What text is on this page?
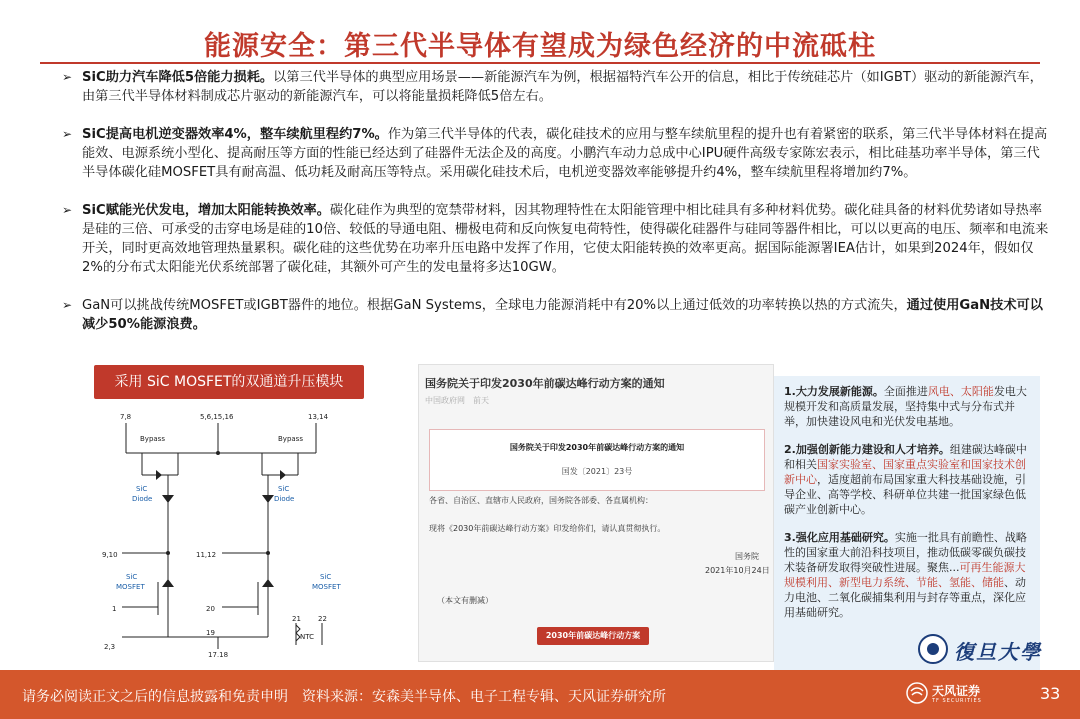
能源安全：第三代半导体有望成为绿色经济的中流砥柱
➢ SiC助力汽车降低5倍能力损耗。以第三代半导体的典型应用场景——新能源汽车为例，根据福特汽车公开的信息，相比于传统硅芯片（如IGBT）驱动的新能源汽车，由第三代半导体材料制成芯片驱动的新能源汽车，可以将能量损耗降低5倍左右。
➢ SiC提高电机逆变器效率4%，整车续航里程约7%。作为第三代半导体的代表，碳化硅技术的应用与整车续航里程的提升也有着紧密的联系，第三代半导体材料在提高能效、电源系统小型化、提高耐压等方面的性能已经达到了硅器件无法企及的高度。小鹏汽车动力总成中心IPU硬件高级专家陈宏表示，相比硅基功率半导体，第三代半导体碳化硅MOSFET具有耐高温、低功耗及耐高压等特点。采用碳化硅技术后，电机逆变器效率能够提升约4%，整车续航里程将增加约7%。
➢ SiC赋能光伏发电，增加太阳能转换效率。碳化硅作为典型的宽禁带材料，因其物理特性在太阳能管理中相比硅具有多种材料优势。碳化硅具备的材料优势诸如导热率是硅的三倍、可承受的击穿电场是硅的10倍、较低的导通电阻、栅极电荷和反向恢复电荷特性，使得碳化硅器件与硅同等器件相比，可以以更高的电压、频率和电流来开关，同时更高效地管理热量累积。碳化硅的这些优势在功率升压电路中发挥了作用，它使太阳能转换的效率更高。据国际能源署IEA估计，如果到2024年，假如仅2%的分布式太阳能光伏系统部署了碳化硅，其额外可产生的发电量将多达10GW。
➢ GaN可以挑战传统MOSFET或IGBT器件的地位。根据GaN Systems，全球电力能源消耗中有20%以上通过低效的功率转换以热的方式流失，通过使用GaN技术可以减少50%能源浪费。
采用 SiC MOSFET的双通道升压模块
7,8	5,6,15,16	13,14
9,10	11,12
1	20
21 22
19
2,3
17,18
Bypass	Bypass
SiC
Diode
SiC
Diode
SiC
MOSFET
SiC
MOSFET
NTC
国务院关于印发2030年前碳达峰行动方案的通知
中国政府网　前天
国务院关于印发2030年前碳达峰行动方案的通知
国发〔2021〕23号
各省、自治区、直辖市人民政府，国务院各部委、各直属机构：
现将《2030年前碳达峰行动方案》印发给你们，请认真贯彻执行。
国务院
2021年10月24日
（本文有删减）
2030年前碳达峰行动方案

1.大力发展新能源。全面推进风电、太阳能发电大规模开发和高质量发展，坚持集中式与分布式并举，加快建设风电和光伏发电基地。

2.加强创新能力建设和人才培养。组建碳达峰碳中和相关国家实验室、国家重点实验室和国家技术创新中心，适度超前布局国家重大科技基础设施，引导企业、高等学校、科研单位共建一批国家绿色低碳产业创新中心。

3.强化应用基础研究。实施一批具有前瞻性、战略性的国家重大前沿科技项目，推动低碳零碳负碳技术装备研发取得突破性进展。聚焦...可再生能源大规模利用、新型电力系统、节能、氢能、储能、动力电池、二氧化碳捕集利用与封存等重点，深化应用基础研究。

復旦大學
请务必阅读正文之后的信息披露和免责申明　资料来源：安森美半导体、电子工程专辑、天风证券研究所	天风证券
TF SECURITIES	33
